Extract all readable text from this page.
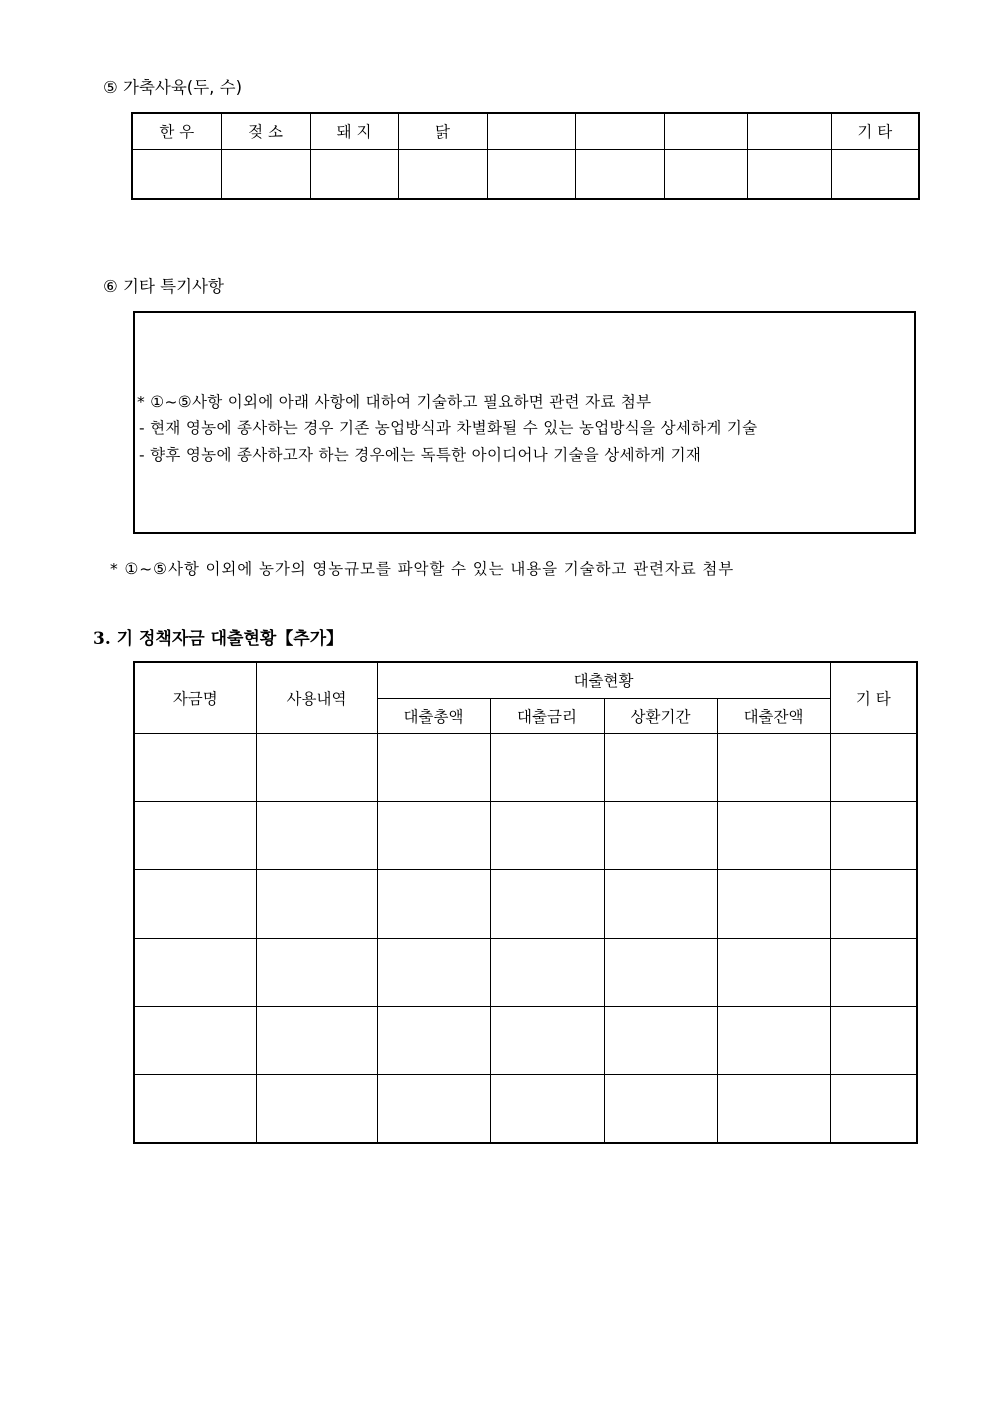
⑤ 가축사육(두, 수)
한 우	젖 소	돼 지	닭					기 타

⑥ 기타 특기사항
* ①~⑤사항 이외에 아래 사항에 대하여 기술하고 필요하면 관련 자료 첨부
- 현재 영농에 종사하는 경우 기존 농업방식과 차별화될 수 있는 농업방식을 상세하게 기술
- 향후 영농에 종사하고자 하는 경우에는 독특한 아이디어나 기술을 상세하게 기재
* ①~⑤사항 이외에 농가의 영농규모를 파악할 수 있는 내용을 기술하고 관련자료 첨부
3. 기 정책자금 대출현황【추가】
자금명	사용내역	대출현황				기 타
		대출총액	대출금리	상환기간	대출잔액	
